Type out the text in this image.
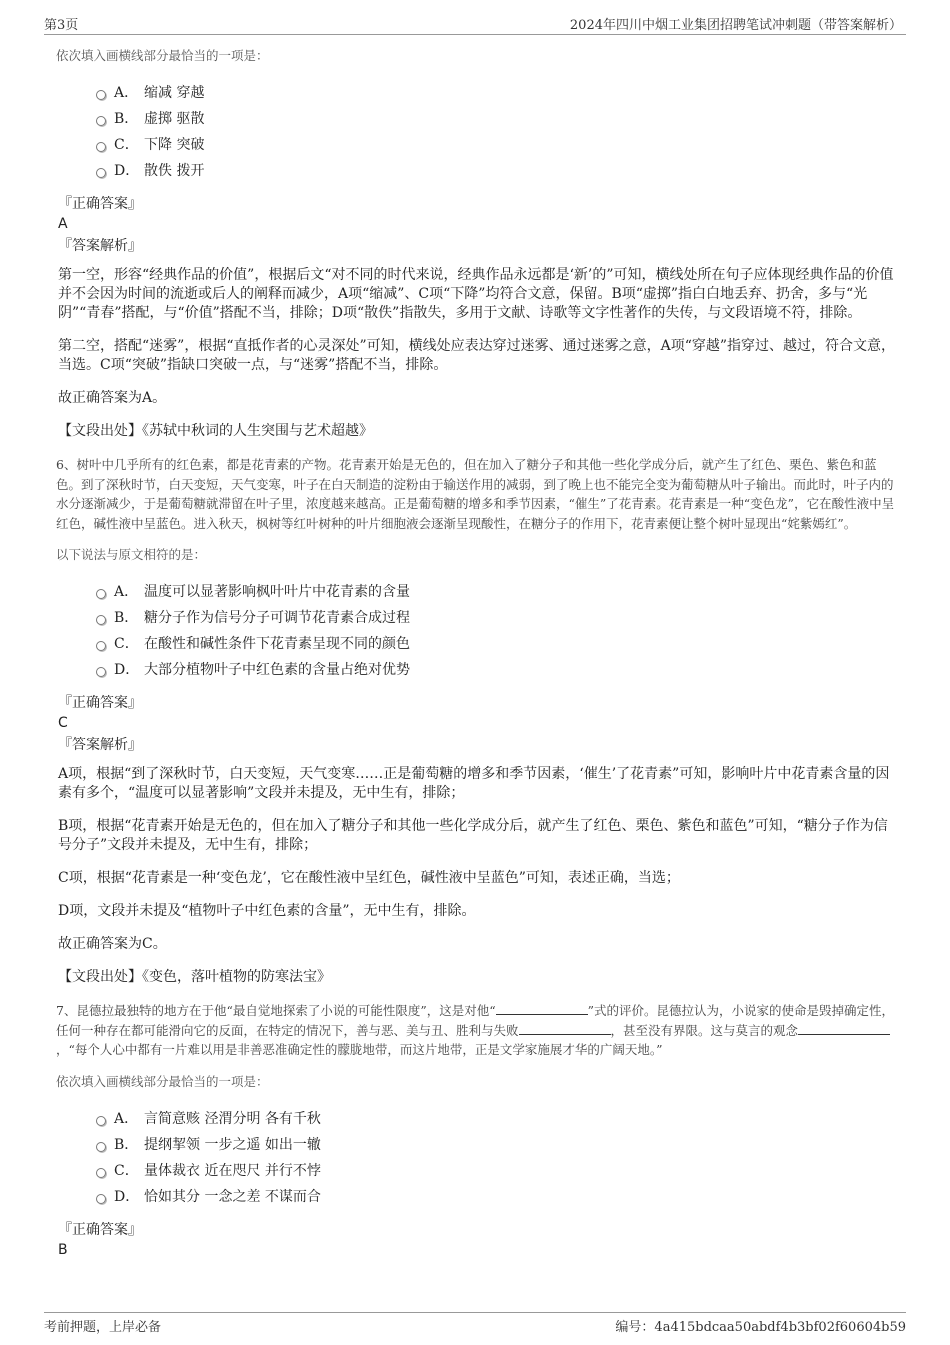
第3页	2024年四川中烟工业集团招聘笔试冲刺题（带答案解析）
依次填入画横线部分最恰当的一项是：
A． 缩减 穿越
B． 虚掷 驱散
C． 下降 突破
D． 散佚 拨开
『正确答案』
A
『答案解析』
第一空，形容“经典作品的价值”，根据后文“对不同的时代来说，经典作品永远都是‘新’的”可知，横线处所在句子应体现经典作品的价值并不会因为时间的流逝或后人的阐释而减少，A项“缩减”、C项“下降”均符合文意，保留。B项“虚掷”指白白地丢弃、扔舍，多与“光阴”“青春”搭配，与“价值”搭配不当，排除；D项“散佚”指散失，多用于文献、诗歌等文字性著作的失传，与文段语境不符，排除。
第二空，搭配“迷雾”，根据“直抵作者的心灵深处”可知，横线处应表达穿过迷雾、通过迷雾之意，A项“穿越”指穿过、越过，符合文意，当选。C项“突破”指缺口突破一点，与“迷雾”搭配不当，排除。
故正确答案为A。
【文段出处】《苏轼中秋词的人生突围与艺术超越》
6、树叶中几乎所有的红色素，都是花青素的产物。花青素开始是无色的，但在加入了糖分子和其他一些化学成分后，就产生了红色、栗色、紫色和蓝色。到了深秋时节，白天变短，天气变寒，叶子在白天制造的淀粉由于输送作用的减弱，到了晚上也不能完全变为葡萄糖从叶子输出。而此时，叶子内的水分逐渐减少，于是葡萄糖就滞留在叶子里，浓度越来越高。正是葡萄糖的增多和季节因素，“催生”了花青素。花青素是一种“变色龙”，它在酸性液中呈红色，碱性液中呈蓝色。进入秋天，枫树等红叶树种的叶片细胞液会逐渐呈现酸性，在糖分子的作用下，花青素便让整个树叶显现出“姹紫嫣红”。
以下说法与原文相符的是：
A． 温度可以显著影响枫叶叶片中花青素的含量
B． 糖分子作为信号分子可调节花青素合成过程
C． 在酸性和碱性条件下花青素呈现不同的颜色
D． 大部分植物叶子中红色素的含量占绝对优势
『正确答案』
C
『答案解析』
A项，根据“到了深秋时节，白天变短，天气变寒……正是葡萄糖的增多和季节因素，‘催生’了花青素”可知，影响叶片中花青素含量的因素有多个，“温度可以显著影响”文段并未提及，无中生有，排除；
B项，根据“花青素开始是无色的，但在加入了糖分子和其他一些化学成分后，就产生了红色、栗色、紫色和蓝色”可知，“糖分子作为信号分子”文段并未提及，无中生有，排除；
C项，根据“花青素是一种‘变色龙’，它在酸性液中呈红色，碱性液中呈蓝色”可知，表述正确，当选；
D项，文段并未提及“植物叶子中红色素的含量”，无中生有，排除。
故正确答案为C。
【文段出处】《变色，落叶植物的防寒法宝》
7、昆德拉最独特的地方在于他“最自觉地探索了小说的可能性限度”，这是对他“	”式的评价。昆德拉认为，小说家的使命是毁掉确定性，任何一种存在都可能滑向它的反面，在特定的情况下，善与恶、美与丑、胜利与失败	，甚至没有界限。这与莫言的观念，“每个人心中都有一片难以用是非善恶准确定性的朦胧地带，而这片地带，正是文学家施展才华的广阔天地。”
依次填入画横线部分最恰当的一项是：
A． 言简意赅 泾渭分明 各有千秋
B． 提纲挈领 一步之遥 如出一辙
C． 量体裁衣 近在咫尺 并行不悖
D． 恰如其分 一念之差 不谋而合
『正确答案』
B
考前押题，上岸必备	编号：4a415bdcaa50abdf4b3bf02f60604b59
